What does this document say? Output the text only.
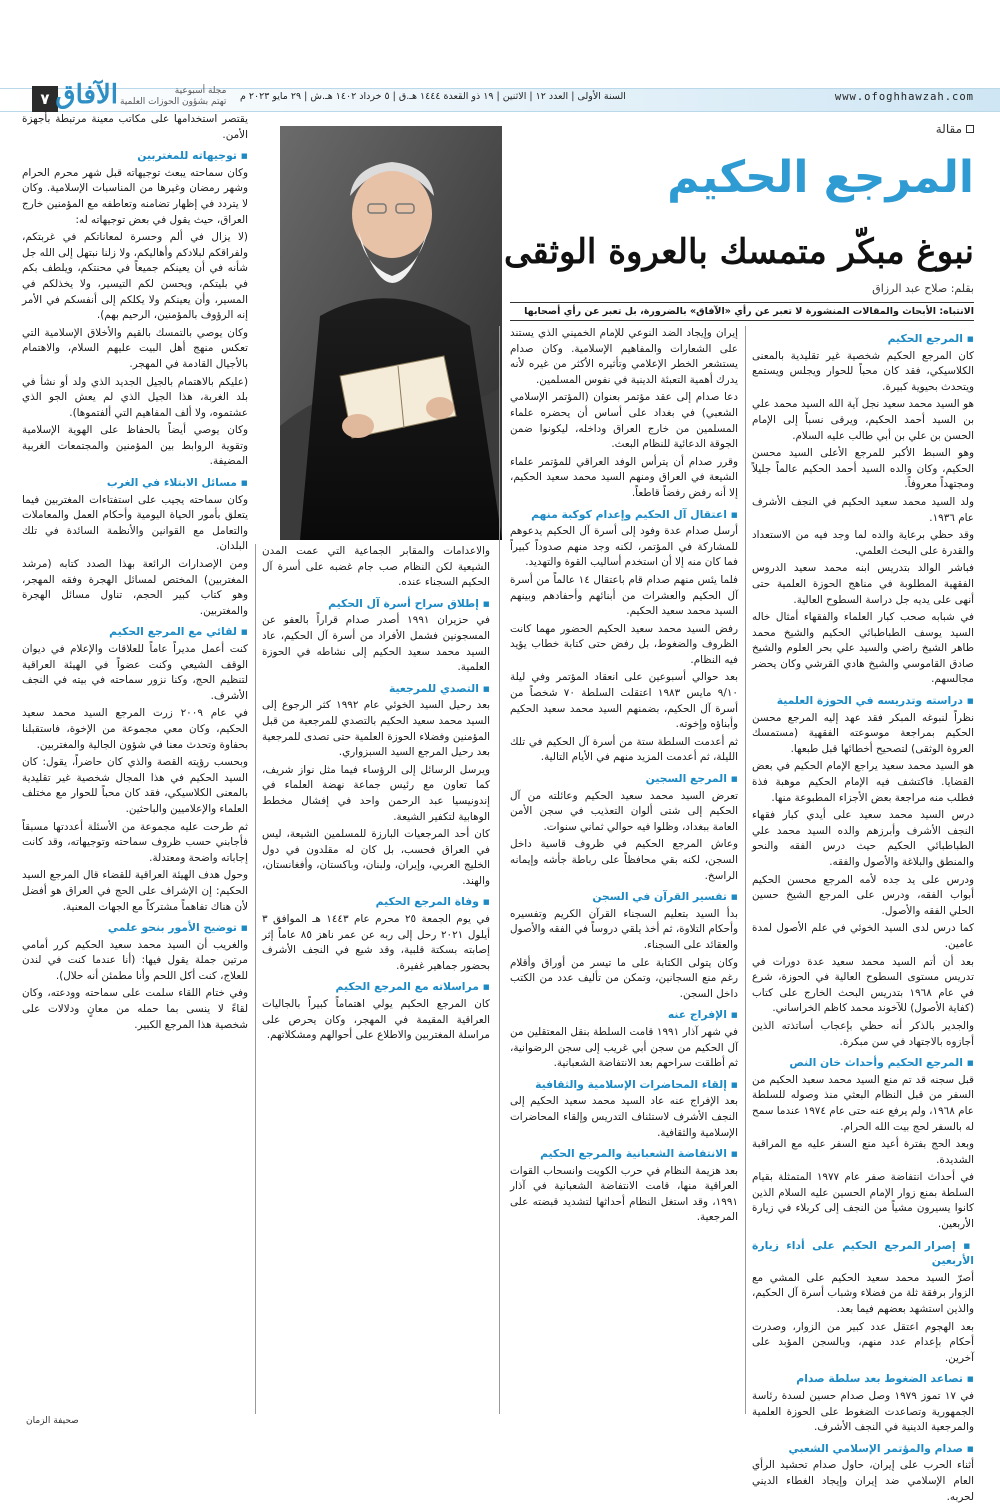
٧ الآفاق	مجلة أسبوعية
تهتم بشؤون الحوزات العلمية السنة الأولى | العدد ١٢ | الاثنين | ١٩ ذو القعدة ١٤٤٤ هـ.ق | ٥ خرداد ١٤٠٢ هـ.ش | ٢٩ مايو ٢٠٢٣ م	www.ofoghhawzah.com
مقالة
المرجع الحكيم
نبوغ مبكّر متمسك بالعروة الوثقى
بقلم: صلاح عبد الرزاق
الانتباه: الأبحاث والمقالات المنشورة لا تعبر عن رأي «الآفاق» بالضرورة، بل تعبر عن رأي أصحابها
▪ المرجع الحكيم

كان المرجع الحكيم شخصية غير تقليدية بالمعنى الكلاسيكي، فقد كان محباً للحوار ويجلس ويستمع ويتحدث بحيوية كبيرة.

هو السيد محمد سعيد نجل آية الله السيد محمد علي بن السيد أحمد الحكيم، ويرقى نسباً إلى الإمام الحسن بن علي بن أبي طالب عليه السلام.

وهو السبط الأكبر للمرجع الأعلى السيد محسن الحكيم، وكان والده السيد أحمد الحكيم عالماً جليلاً ومجتهداً معروفاً.

ولد السيد محمد سعيد الحكيم في النجف الأشرف عام ١٩٣٦.

وقد حظي برعاية والده لما وجد فيه من الاستعداد والقدرة على البحث العلمي.

فباشر الوالد بتدريس ابنه محمد سعيد الدروس الفقهية المطلوبة في مناهج الحوزة العلمية حتى أنهى على يديه جل دراسة السطوح العالية.

في شبابه صحب كبار العلماء والفقهاء أمثال خاله السيد يوسف الطباطبائي الحكيم والشيخ محمد طاهر الشيخ راضي والسيد علي بحر العلوم والشيخ صادق القاموسي والشيخ هادي القرشي وكان يحضر مجالسهم.

▪ دراسته وتدريسه في الحوزة العلمية

نظراً لنبوغه المبكر فقد عهد إليه المرجع محسن الحكيم بمراجعة موسوعته الفقهية (مستمسك العروة الوثقى) لتصحيح أخطائها قبل طبعها.

هو السيد محمد سعيد يراجع الإمام الحكيم في بعض القضايا. فاكتشف فيه الإمام الحكيم موهبة فذة فطلب منه مراجعة بعض الأجزاء المطبوعة منها.

درس السيد محمد سعيد على أيدي كبار فقهاء النجف الأشرف وأبرزهم والده السيد محمد علي الطباطبائي الحكيم حيث درس الفقه والنحو والمنطق والبلاغة والأصول والفقه.

ودرس على يد جده لأمه المرجع محسن الحكيم أبواب الفقه، ودرس على المرجع الشيخ حسين الحلي الفقه والأصول.

كما درس لدى السيد الخوئي في علم الأصول لمدة عامين.

بعد أن أتم السيد محمد سعيد عدة دورات في تدريس مستوى السطوح العالية في الحوزة، شرع في عام ١٩٦٨ بتدريس البحث الخارج على كتاب (كفاية الأصول) للآخوند محمد كاظم الخراساني.

والجدير بالذكر أنه حظي بإعجاب أساتذته الذين أجازوه بالاجتهاد في سن مبكرة.

▪ المرجع الحكيم وأحداث خان النص

قبل سجنه قد تم منع السيد محمد سعيد الحكيم من السفر من قبل النظام البعثي منذ وصوله للسلطة عام ١٩٦٨، ولم يرفع عنه حتى عام ١٩٧٤ عندما سمح له بالسفر لحج بيت الله الحرام.

وبعد الحج بفترة أعيد منع السفر عليه مع المراقبة الشديدة.

في أحداث انتفاضة صفر عام ١٩٧٧ المتمثلة بقيام السلطة بمنع زوار الإمام الحسين عليه السلام الذين كانوا يسيرون مشياً من النجف إلى كربلاء في زيارة الأربعين.

▪ إصرار المرجع الحكيم على أداء زيارة الأربعين

أصرّ السيد محمد سعيد الحكيم على المشي مع الزوار برفقة ثلة من فضلاء وشباب أسرة آل الحكيم، والذين استشهد بعضهم فيما بعد.

بعد الهجوم اعتقل عدد كبير من الزوار، وصدرت أحكام بإعدام عدد منهم، وبالسجن المؤبد على آخرين.

▪ تصاعد الضغوط بعد سلطة صدام

في ١٧ تموز ١٩٧٩ وصل صدام حسين لسدة رئاسة الجمهورية وتصاعدت الضغوط على الحوزة العلمية والمرجعية الدينية في النجف الأشرف.

▪ صدام والمؤتمر الإسلامي الشعبي

أثناء الحرب على إيران، حاول صدام تحشيد الرأي العام الإسلامي ضد إيران وإيجاد الغطاء الديني لحربه.

إيران وإيجاد الضد النوعي للإمام الخميني الذي يستند على الشعارات والمفاهيم الإسلامية. وكان صدام يستشعر الخطر الإعلامي وتأثيره الأكثر من غيره لأنه يدرك أهمية التعبئة الدينية في نفوس المسلمين.

دعا صدام إلى عقد مؤتمر بعنوان (المؤتمر الإسلامي الشعبي) في بغداد على أساس أن يحضره علماء المسلمين من خارج العراق وداخله، ليكونوا ضمن الجوقة الدعائية للنظام البعث.

وقرر صدام أن يترأس الوفد العراقي للمؤتمر علماء الشيعة في العراق ومنهم السيد محمد سعيد الحكيم، إلا أنه رفض رفضاً قاطعاً.

▪ اعتقال آل الحكيم وإعدام كوكبة منهم

أرسل صدام عدة وفود إلى أسرة آل الحكيم يدعوهم للمشاركة في المؤتمر، لكنه وجد منهم صدوداً كبيراً فما كان منه إلا أن استخدم أساليب القوة والتهديد.

فلما يئس منهم صدام قام باعتقال ١٤ عالماً من أسرة آل الحكيم والعشرات من أبنائهم وأحفادهم وبينهم السيد محمد سعيد الحكيم.

رفض السيد محمد سعيد الحكيم الحضور مهما كانت الظروف والضغوط، بل رفض حتى كتابة خطاب يؤيد فيه النظام.

بعد حوالي أسبوعين على انعقاد المؤتمر وفي ليلة ٩/١٠ مايس ١٩٨٣ اعتقلت السلطة ٧٠ شخصاً من أسرة آل الحكيم، بضمنهم السيد محمد سعيد الحكيم وأبناؤه وإخوته.

ثم أعدمت السلطة ستة من أسرة آل الحكيم في تلك الليلة، ثم أعدمت المزيد منهم في الأيام التالية.

▪ المرجع السجين

تعرض السيد محمد سعيد الحكيم وعائلته من آل الحكيم إلى شتى ألوان التعذيب في سجن الأمن العامة ببغداد، وظلوا فيه حوالي ثماني سنوات.

وعاش المرجع الحكيم في ظروف قاسية داخل السجن، لكنه بقي محافظاً على رباطة جأشه وإيمانه الراسخ.

▪ تفسير القرآن في السجن

بدأ السيد بتعليم السجناء القرآن الكريم وتفسيره وأحكام التلاوة، ثم أخذ يلقي دروساً في الفقه والأصول والعقائد على السجناء.

وكان يتولى الكتابة على ما تيسر من أوراق وأقلام رغم منع السجانين، وتمكن من تأليف عدد من الكتب داخل السجن.

▪ الإفراج عنه

في شهر آذار ١٩٩١ قامت السلطة بنقل المعتقلين من آل الحكيم من سجن أبي غريب إلى سجن الرضوانية، ثم أطلقت سراحهم بعد الانتفاضة الشعبانية.

▪ إلقاء المحاضرات الإسلامية والثقافية

بعد الإفراج عنه عاد السيد محمد سعيد الحكيم إلى النجف الأشرف لاستئناف التدريس وإلقاء المحاضرات الإسلامية والثقافية.

▪ الانتفاضة الشعبانية والمرجع الحكيم

بعد هزيمة النظام في حرب الكويت وانسحاب القوات العراقية منها، قامت الانتفاضة الشعبانية في آذار ١٩٩١، وقد استغل النظام أحداثها لتشديد قبضته على المرجعية.

والاعدامات والمقابر الجماعية التي عمت المدن الشيعية لكن النظام صب جام غضبه على أسرة آل الحكيم السجناء عنده.

▪ إطلاق سراح أسرة آل الحكيم

في حزيران ١٩٩١ أصدر صدام قراراً بالعفو عن المسجونين فشمل الأفراد من أسرة آل الحكيم، عاد السيد محمد سعيد الحكيم إلى نشاطه في الحوزة العلمية.

▪ التصدي للمرجعية

بعد رحيل السيد الخوئي عام ١٩٩٢ كثر الرجوع إلى السيد محمد سعيد الحكيم بالتصدي للمرجعية من قبل المؤمنين وفضلاء الحوزة العلمية حتى تصدى للمرجعية بعد رحيل المرجع السيد السبزواري.

ويرسل الرسائل إلى الرؤساء فيما مثل نواز شريف، كما تعاون مع رئيس جماعة نهضة العلماء في إندونيسيا عبد الرحمن واحد في إفشال مخطط الوهابية لتكفير الشيعة.

كان أحد المرجعيات البارزة للمسلمين الشيعة، ليس في العراق فحسب، بل كان له مقلدون في دول الخليج العربي، وإيران، ولبنان، وباكستان، وأفغانستان، والهند.

▪ وفاة المرجع الحكيم

في يوم الجمعة ٢٥ محرم عام ١٤٤٣ هـ الموافق ٣ أيلول ٢٠٢١ رحل إلى ربه عن عمر ناهز ٨٥ عاماً إثر إصابته بسكتة قلبية، وقد شيع في النجف الأشرف بحضور جماهير غفيرة.

▪ مراسلاته مع المرجع الحكيم

كان المرجع الحكيم يولي اهتماماً كبيراً بالجاليات العراقية المقيمة في المهجر، وكان يحرص على مراسلة المغتربين والاطلاع على أحوالهم ومشكلاتهم.

يقتصر استخدامها على مكاتب معينة مرتبطة بأجهزة الأمن.

▪ توجيهاته للمغتربين

وكان سماحته يبعث توجيهاته قبل شهر محرم الحرام وشهر رمضان وغيرها من المناسبات الإسلامية. وكان لا يتردد في إظهار تضامنه وتعاطفه مع المؤمنين خارج العراق، حيث يقول في بعض توجيهاته له:

(لا يزال في ألم وحسرة لمعاناتكم في غربتكم، ولفراقكم لبلادكم وأهاليكم، ولا زلنا نبتهل إلى الله جل شأنه في أن يعينكم جميعاً في محنتكم، ويلطف بكم في بليتكم، ويحسن لكم التيسير، ولا يخذلكم في المسير، وأن يعينكم ولا يكلكم إلى أنفسكم في الأمر إنه الرؤوف بالمؤمنين، الرحيم بهم).

وكان يوصي بالتمسك بالقيم والأخلاق الإسلامية التي تعكس منهج أهل البيت عليهم السلام، والاهتمام بالأجيال القادمة في المهجر.

(عليكم بالاهتمام بالجيل الجديد الذي ولد أو نشأ في بلد الغربة، هذا الجيل الذي لم يعش الجو الذي عشتموه، ولا ألف المفاهيم التي ألفتموها).

وكان يوصي أيضاً بالحفاظ على الهوية الإسلامية وتقوية الروابط بين المؤمنين والمجتمعات الغربية المضيفة.

▪ مسائل الابتلاء في الغرب

وكان سماحته يجيب على استفتاءات المغتربين فيما يتعلق بأمور الحياة اليومية وأحكام العمل والمعاملات والتعامل مع القوانين والأنظمة السائدة في تلك البلدان.

ومن الإصدارات الرائعة بهذا الصدد كتابه (مرشد المغتربين) المختص لمسائل الهجرة وفقه المهجر، وهو كتاب كبير الحجم، تناول مسائل الهجرة والمغتربين.

▪ لقائي مع المرجع الحكيم

كنت أعمل مديراً عاماً للعلاقات والإعلام في ديوان الوقف الشيعي وكنت عضواً في الهيئة العراقية لتنظيم الحج، وكنا نزور سماحته في بيته في النجف الأشرف.

في عام ٢٠٠٩ زرت المرجع السيد محمد سعيد الحكيم، وكان معي مجموعة من الإخوة، فاستقبلنا بحفاوة وتحدث معنا في شؤون الجالية والمغتربين.

وبحسب رؤيته القصة والذي كان حاضراً، يقول: كان السيد الحكيم في هذا المجال شخصية غير تقليدية بالمعنى الكلاسيكي، فقد كان محباً للحوار مع مختلف العلماء والإعلاميين والباحثين.

ثم طرحت عليه مجموعة من الأسئلة أعددتها مسبقاً فأجابني حسب ظروف سماحته وتوجيهاته، وقد كانت إجاباته واضحة ومعتدلة.

وحول هدف الهيئة العراقية للقضاء قال المرجع السيد الحكيم: إن الإشراف على الحج في العراق هو أفضل لأن هناك تفاهماً مشتركاً مع الجهات المعنية.

▪ توضيح الأمور بنحو علمي

والغريب أن السيد محمد سعيد الحكيم كرر أمامي مرتين جملة يقول فيها: (أنا عندما كنت في لندن للعلاج، كنت أكل اللحم وأنا مطمئن أنه حلال).

وفي ختام اللقاء سلمت على سماحته وودعته، وكان لقاءً لا ينسى بما حمله من معانٍ ودلالات على شخصية هذا المرجع الكبير.

صحيفة الزمان
